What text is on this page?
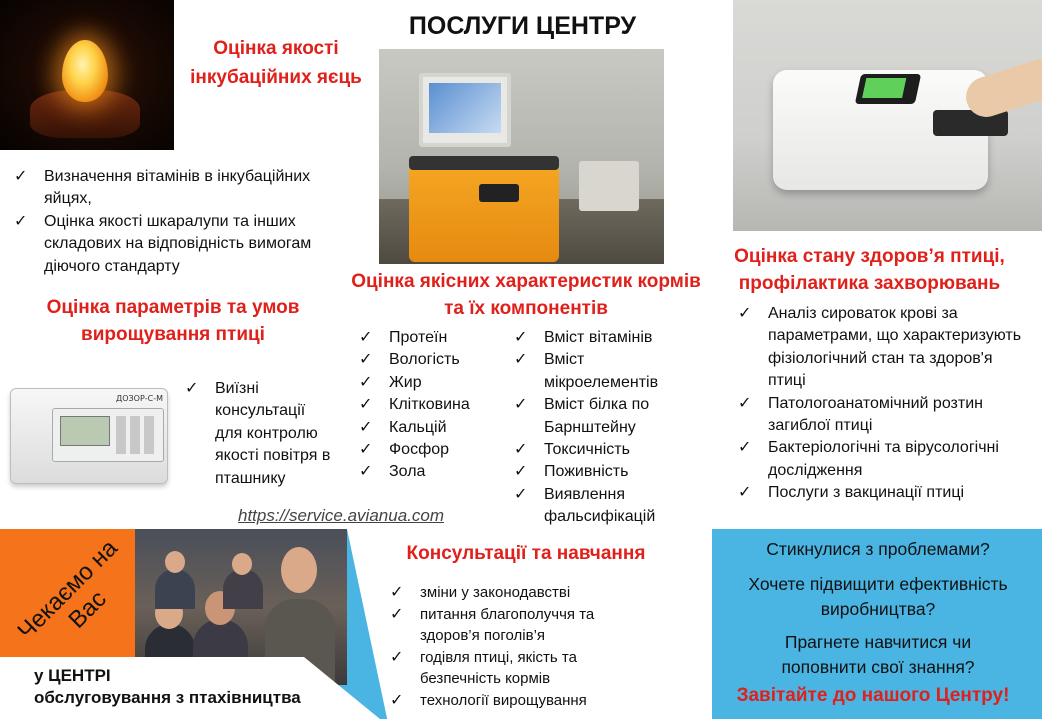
ДОЗОР-С-М
ПОСЛУГИ ЦЕНТРУ
Оцінка якості інкубаційних яєць
✓ Визначення вітамінів в інкубаційних яйцях,
✓ Оцінка якості шкаралупи та інших складових на відповідність вимогам діючого стандарту
Оцінка параметрів та умов вирощування птиці
✓ Виїзні консультації для контролю якості повітря в пташнику
https://service.avianua.com
Оцінка якісних характеристик кормів та їх компонентів
✓ Протеїн
✓ Вологість
✓ Жир
✓ Клітковина
✓ Кальцій
✓ Фосфор
✓ Зола
✓ Вміст вітамінів
✓ Вміст мікроелементів
✓ Вміст білка по Барнштейну
✓ Токсичність
✓ Поживність
✓ Виявлення фальсифікацій
Оцінка стану здоров’я птиці, профілактика захворювань
✓ Аналіз сироваток крові за параметрами, що характеризують фізіологічний стан та здоров'я птиці
✓ Патологоанатомічний розтин загиблої птиці
✓ Бактеріологічні та вірусологічні дослідження
✓ Послуги з вакцинації птиці
Чекаємо на Вас
у ЦЕНТРІ
обслуговування з птахівництва
Консультації та навчання
✓ зміни у законодавстві
✓ питання благополуччя та здоров’я поголів’я
✓ годівля птиці, якість та безпечність кормів
✓ технології вирощування
Стикнулися з проблемами?
Хочете підвищити ефективність виробництва?
Прагнете навчитися чи поповнити свої знання?
Завітайте до нашого Центру!
